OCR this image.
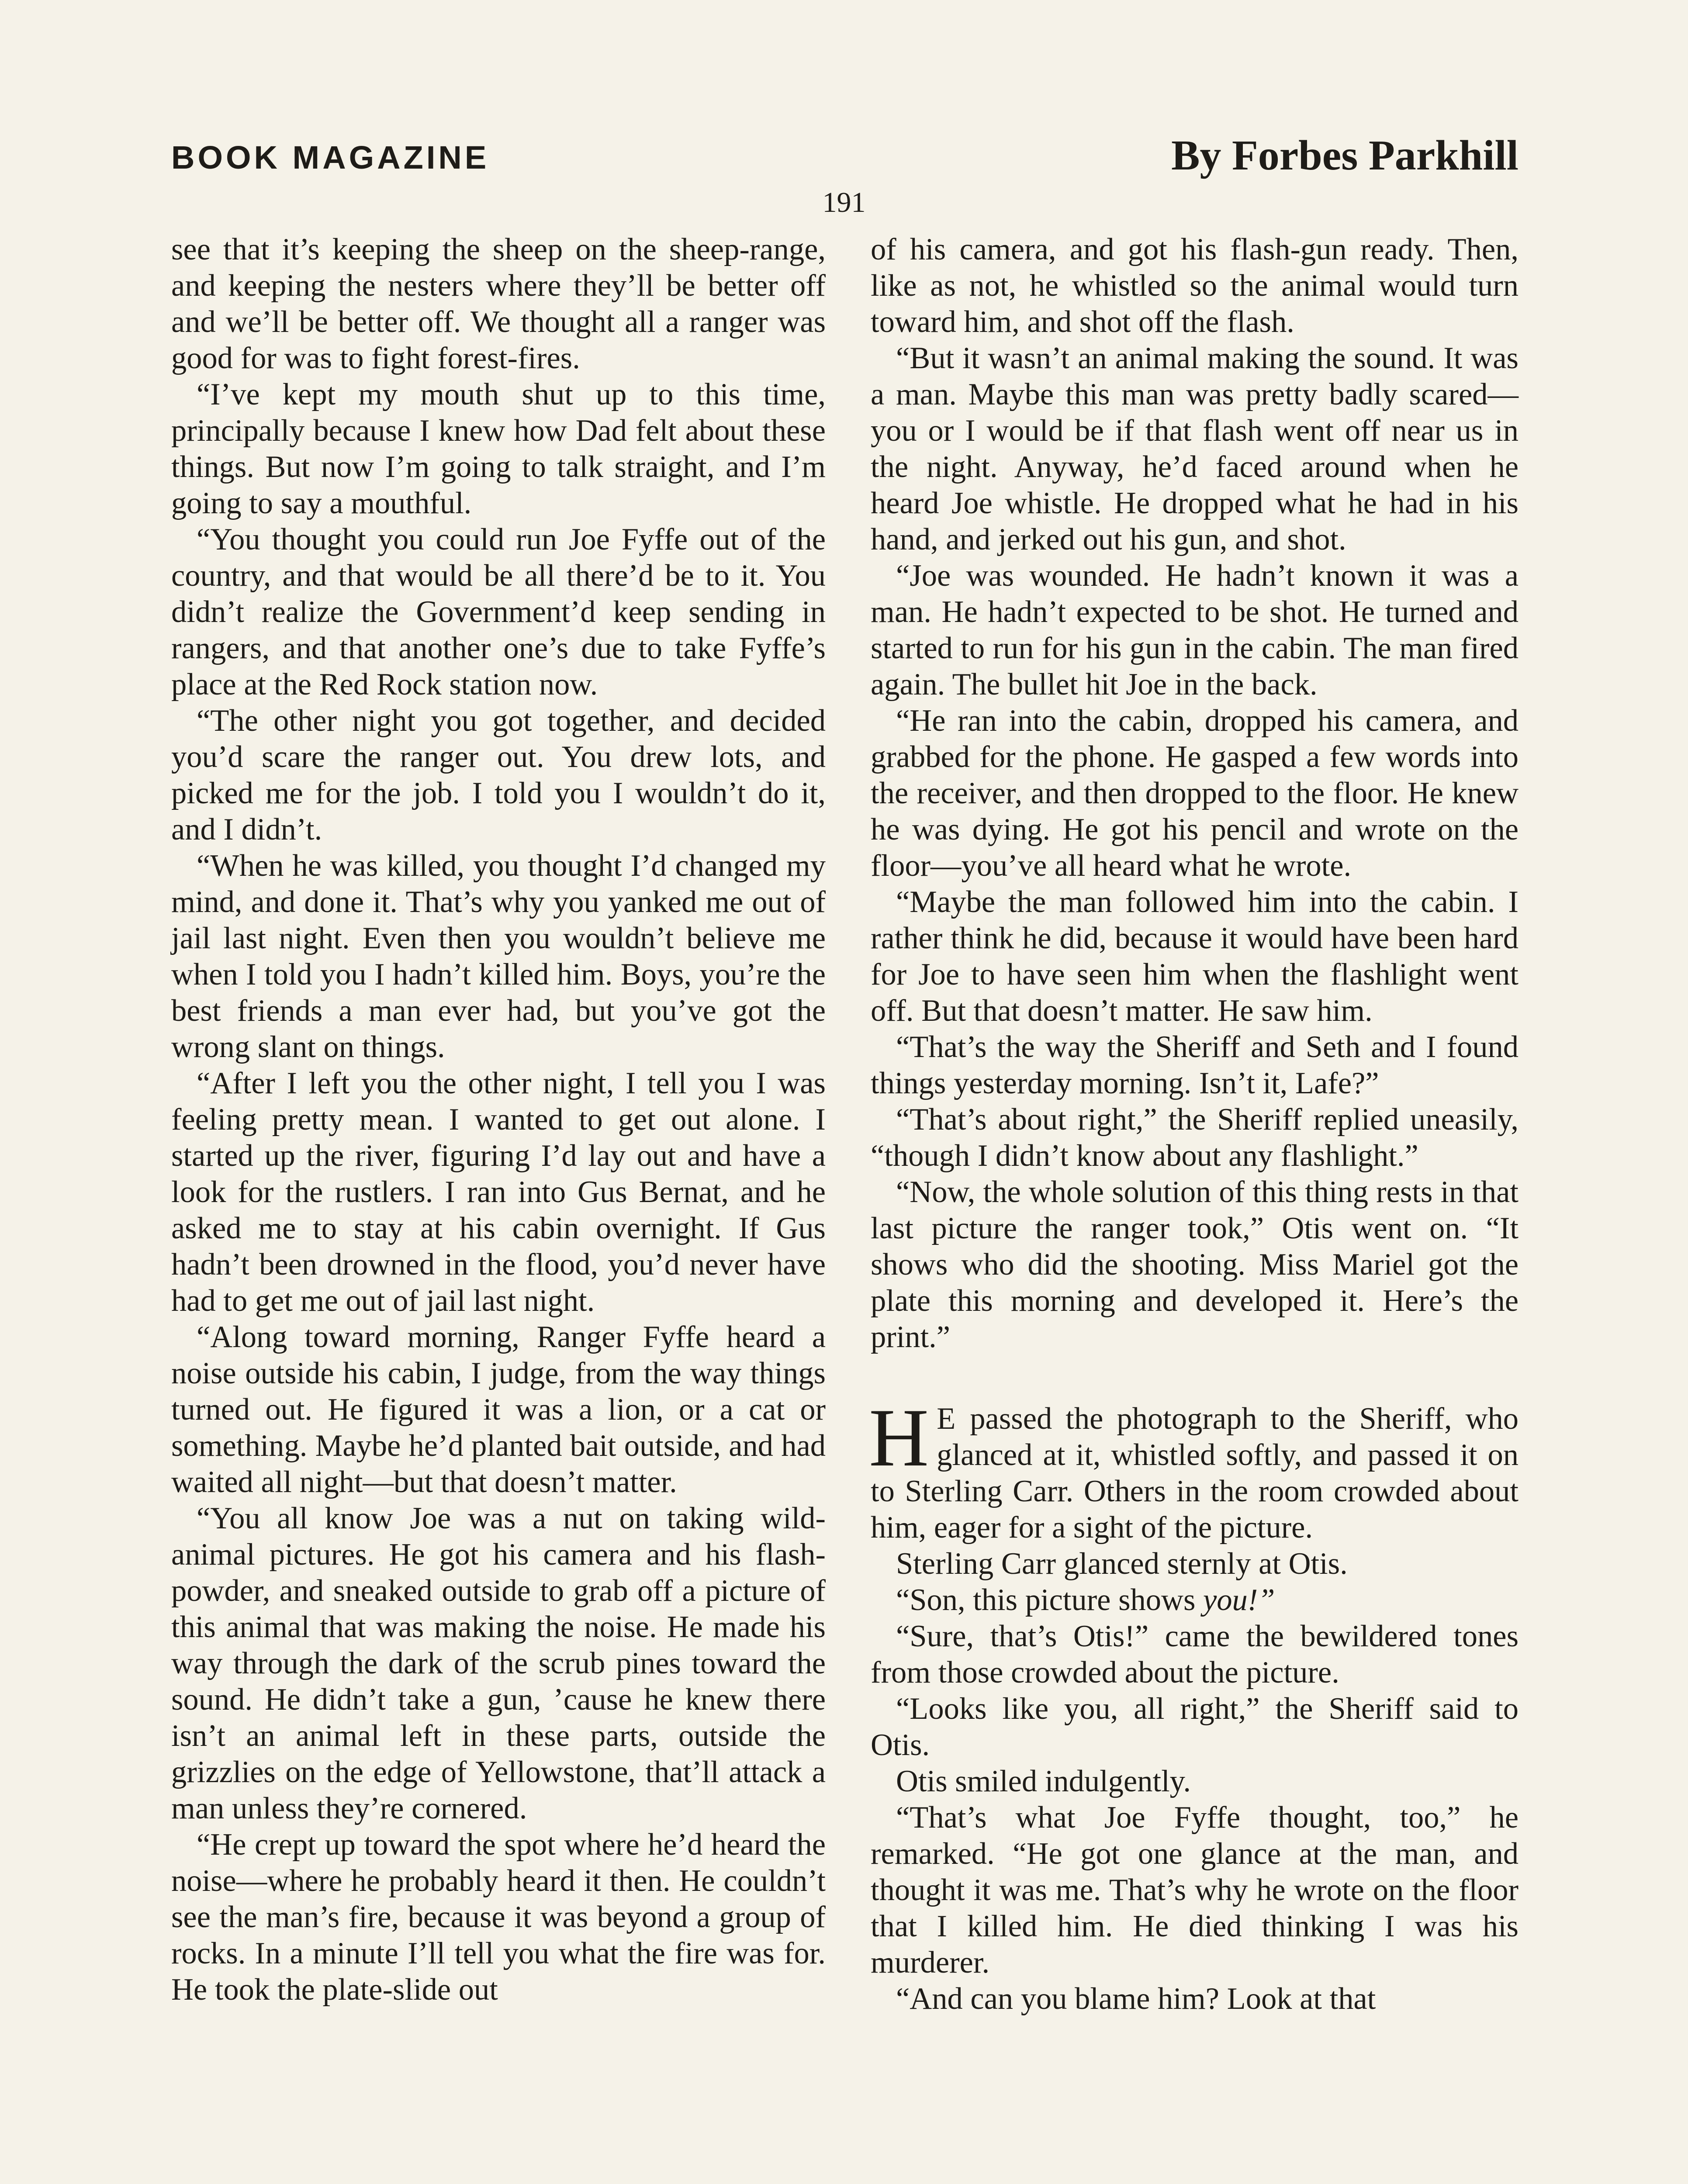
BOOK MAGAZINE	By Forbes Parkhill
191

see that it’s keeping the sheep on the sheep-range, and keeping the nesters where they’ll be better off and we’ll be better off. We thought all a ranger was good for was to fight forest-fires.

“I’ve kept my mouth shut up to this time, principally because I knew how Dad felt about these things. But now I’m going to talk straight, and I’m going to say a mouthful.

“You thought you could run Joe Fyffe out of the country, and that would be all there’d be to it. You didn’t realize the Government’d keep sending in rangers, and that another one’s due to take Fyffe’s place at the Red Rock station now.

“The other night you got together, and decided you’d scare the ranger out. You drew lots, and picked me for the job. I told you I wouldn’t do it, and I didn’t.

“When he was killed, you thought I’d changed my mind, and done it. That’s why you yanked me out of jail last night. Even then you wouldn’t believe me when I told you I hadn’t killed him. Boys, you’re the best friends a man ever had, but you’ve got the wrong slant on things.

“After I left you the other night, I tell you I was feeling pretty mean. I wanted to get out alone. I started up the river, figuring I’d lay out and have a look for the rustlers. I ran into Gus Bernat, and he asked me to stay at his cabin overnight. If Gus hadn’t been drowned in the flood, you’d never have had to get me out of jail last night.

“Along toward morning, Ranger Fyffe heard a noise outside his cabin, I judge, from the way things turned out. He figured it was a lion, or a cat or something. Maybe he’d planted bait outside, and had waited all night—but that doesn’t matter.

“You all know Joe was a nut on taking wild-animal pictures. He got his camera and his flash-powder, and sneaked outside to grab off a picture of this animal that was making the noise. He made his way through the dark of the scrub pines toward the sound. He didn’t take a gun, ’cause he knew there isn’t an animal left in these parts, outside the grizzlies on the edge of Yellowstone, that’ll attack a man unless they’re cornered.

“He crept up toward the spot where he’d heard the noise—where he probably heard it then. He couldn’t see the man’s fire, because it was beyond a group of rocks. In a minute I’ll tell you what the fire was for. He took the plate-slide out

of his camera, and got his flash-gun ready. Then, like as not, he whistled so the animal would turn toward him, and shot off the flash.

“But it wasn’t an animal making the sound. It was a man. Maybe this man was pretty badly scared—you or I would be if that flash went off near us in the night. Anyway, he’d faced around when he heard Joe whistle. He dropped what he had in his hand, and jerked out his gun, and shot.

“Joe was wounded. He hadn’t known it was a man. He hadn’t expected to be shot. He turned and started to run for his gun in the cabin. The man fired again. The bullet hit Joe in the back.

“He ran into the cabin, dropped his camera, and grabbed for the phone. He gasped a few words into the receiver, and then dropped to the floor. He knew he was dying. He got his pencil and wrote on the floor—you’ve all heard what he wrote.

“Maybe the man followed him into the cabin. I rather think he did, because it would have been hard for Joe to have seen him when the flashlight went off. But that doesn’t matter. He saw him.

“That’s the way the Sheriff and Seth and I found things yesterday morning. Isn’t it, Lafe?”

“That’s about right,” the Sheriff replied uneasily, “though I didn’t know about any flashlight.”

“Now, the whole solution of this thing rests in that last picture the ranger took,” Otis went on. “It shows who did the shooting. Miss Mariel got the plate this morning and developed it. Here’s the print.”

H E passed the photograph to the Sheriff, who glanced at it, whistled softly, and passed it on to Sterling Carr. Others in the room crowded about him, eager for a sight of the picture.

Sterling Carr glanced sternly at Otis.

“Son, this picture shows you!”

“Sure, that’s Otis!” came the bewildered tones from those crowded about the picture.

“Looks like you, all right,” the Sheriff said to Otis.

Otis smiled indulgently.

“That’s what Joe Fyffe thought, too,” he remarked. “He got one glance at the man, and thought it was me. That’s why he wrote on the floor that I killed him. He died thinking I was his murderer.

“And can you blame him? Look at that
